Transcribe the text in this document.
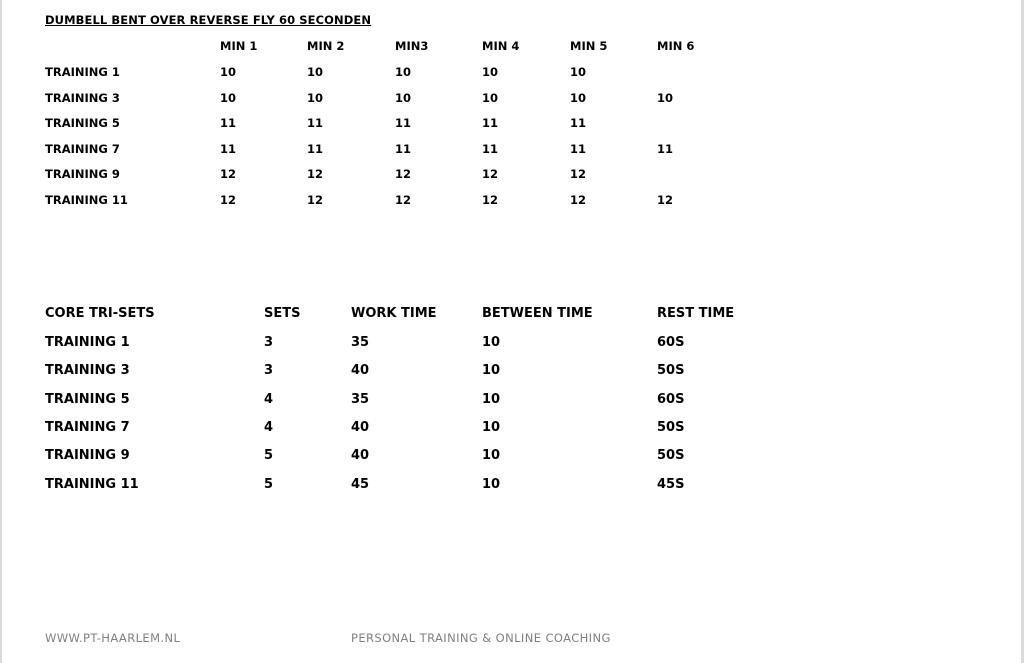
DUMBELL BENT OVER REVERSE FLY 60 SECONDEN
MIN 1	MIN 2	MIN3	MIN 4	MIN 5	MIN 6
TRAINING 1	10	10	10	10	10
TRAINING 3	10	10	10	10	10	10
TRAINING 5	11	11	11	11	11
TRAINING 7	11	11	11	11	11	11
TRAINING 9	12	12	12	12	12
TRAINING 11	12	12	12	12	12	12
CORE TRI-SETS	SETS	WORK TIME	BETWEEN TIME	REST TIME
TRAINING 1	3	35	10	60S
TRAINING 3	3	40	10	50S
TRAINING 5	4	35	10	60S
TRAINING 7	4	40	10	50S
TRAINING 9	5	40	10	50S
TRAINING 11	5	45	10	45S
WWW.PT-HAARLEM.NL	PERSONAL TRAINING & ONLINE COACHING
